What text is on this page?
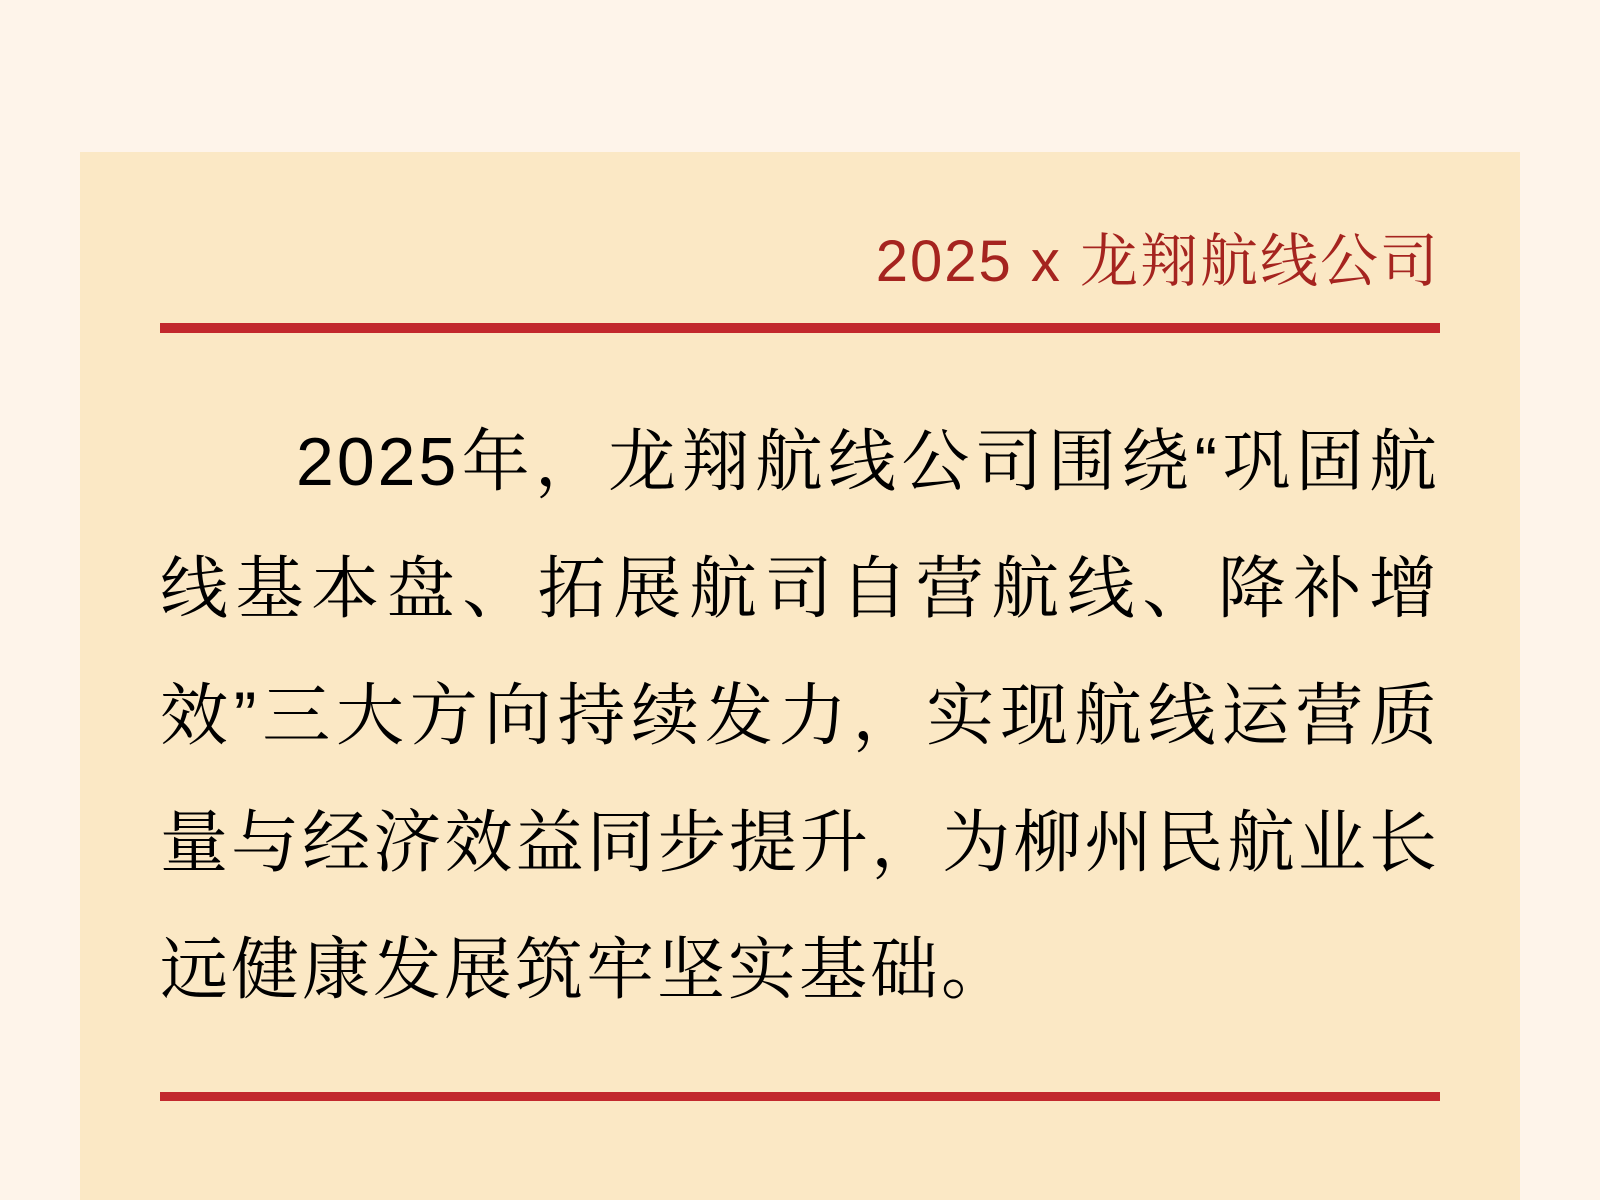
2025 x 龙翔航线公司

2025年，龙翔航线公司围绕“巩固航线基本盘、拓展航司自营航线、降补增效”三大方向持续发力，实现航线运营质量与经济效益同步提升，为柳州民航业长远健康发展筑牢坚实基础。
